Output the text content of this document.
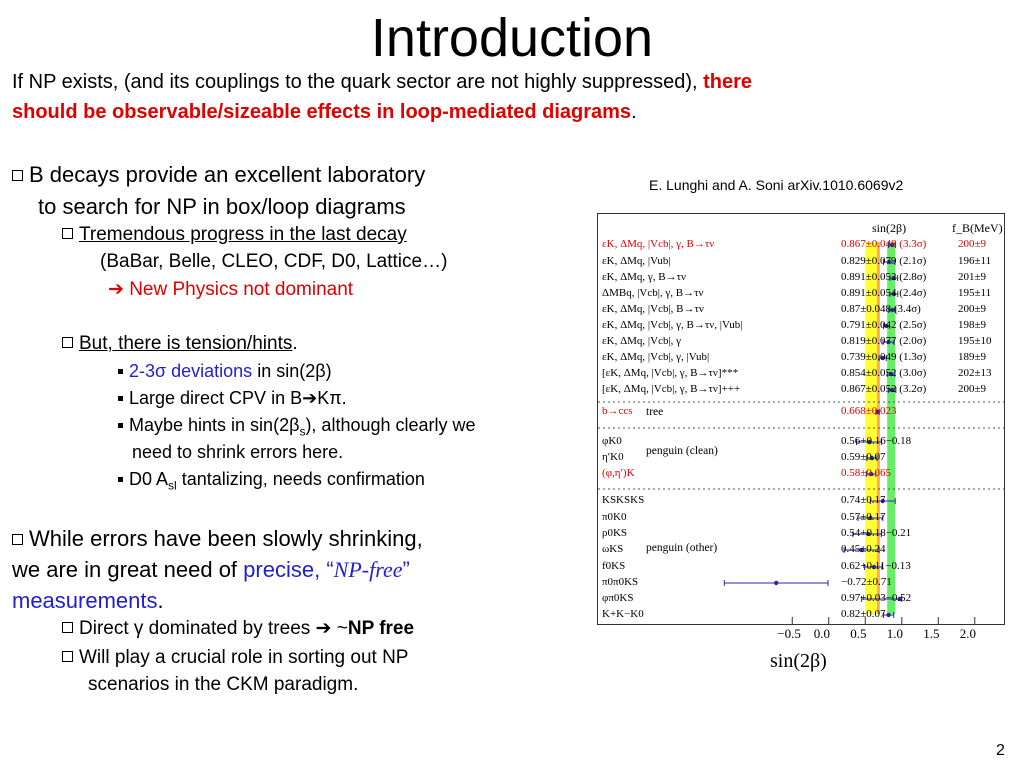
Introduction
If NP exists, (and its couplings to the quark sector are not highly suppressed), there
should be observable/sizeable effects in loop-mediated diagrams.
B decays provide an excellent laboratory
to search for NP in box/loop diagrams
Tremendous progress in the last decay
(BaBar, Belle, CLEO, CDF, D0, Lattice…)
➔ New Physics not dominant
But, there is tension/hints.
2-3σ deviations in sin(2β)
Large direct CPV in B➔Kπ.
Maybe hints in $\sin(2\beta_s)$, although clearly we
need to shrink errors here.
D0 $A_{sl}$ tantalizing, needs confirmation
While errors have been slowly shrinking,
we are in great need of precise, “NP-free”
measurements.
Direct γ dominated by trees ➔ ~NP free
Will play a crucial role in sorting out NP
scenarios in the CKM paradigm.
E. Lunghi and A. Soni arXiv.1010.6069v2
sin(2β)	f_B(MeV)
tree
penguin (clean)
penguin (other)
εK, ΔMq, |Vcb|, γ, B→τν	0.867±0.048 (3.3σ)	200±9
εK, ΔMq, |Vub|	0.829±0.079 (2.1σ)	196±11
εK, ΔMq, γ, B→τν	0.891±0.052 (2.8σ)	201±9
ΔMBq, |Vcb|, γ, B→τν	0.891±0.054 (2.4σ)	195±11
εK, ΔMq, |Vcb|, B→τν	0.87±0.048 (3.4σ)	200±9
εK, ΔMq, |Vcb|, γ, B→τν, |Vub|	0.791±0.042 (2.5σ)	198±9
εK, ΔMq, |Vcb|, γ	0.819±0.077 (2.0σ)	195±10
εK, ΔMq, |Vcb|, γ, |Vub|	0.739±0.049 (1.3σ)	189±9
[εK, ΔMq, |Vcb|, γ, B→τν]***	0.854±0.052 (3.0σ)	202±13
[εK, ΔMq, |Vcb|, γ, B→τν]+++	0.867±0.052 (3.2σ)	200±9
b→ccs	0.668±0.023
φK0	0.56+0.16−0.18
ηʹK0	0.59±0.07
(φ,ηʹ)K	0.58±0.065
KSKSKS	0.74±0.17
π0K0	0.57±0.17
ρ0KS	0.54+0.18−0.21
ωKS	0.45±0.24
f0KS	0.62+0.11−0.13
π0π0KS	−0.72±0.71
φπ0KS	0.97+0.03−0.52
K+K−K0	0.82±0.07
−0.5 0.0 0.5 1.0 1.5 2.0
sin(2β)
2
